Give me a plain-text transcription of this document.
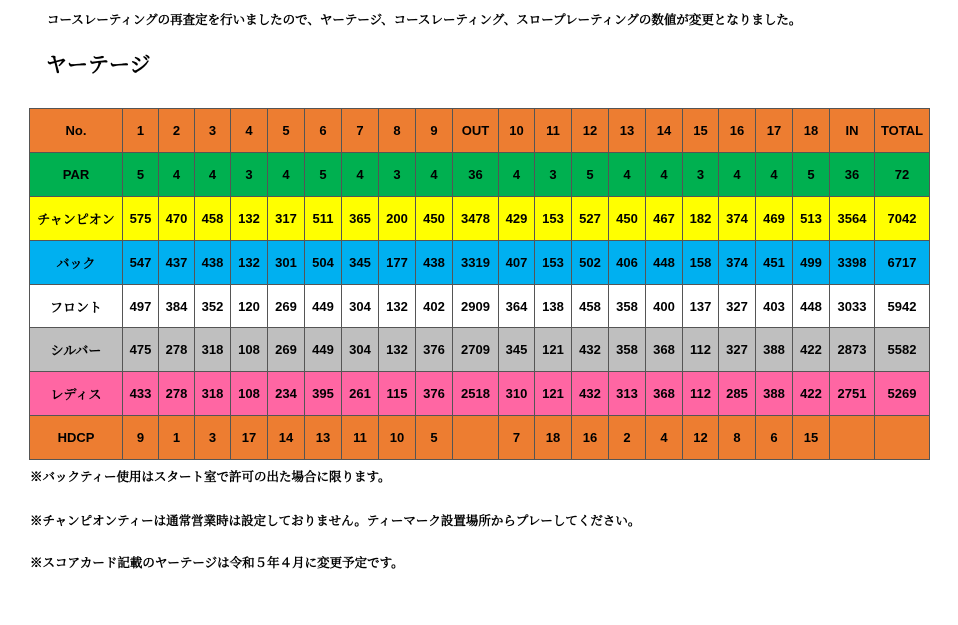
コースレーティングの再査定を行いましたので、ヤーテージ、コースレーティング、スロープレーティングの数値が変更となりました。
ヤーテージ
No.	1	2	3	4	5	6	7	8	9	OUT	10	11	12	13	14	15	16	17	18	IN	TOTAL
PAR	5	4	4	3	4	5	4	3	4	36	4	3	5	4	4	3	4	4	5	36	72
チャンピオン	575	470	458	132	317	511	365	200	450	3478	429	153	527	450	467	182	374	469	513	3564	7042
バック	547	437	438	132	301	504	345	177	438	3319	407	153	502	406	448	158	374	451	499	3398	6717
フロント	497	384	352	120	269	449	304	132	402	2909	364	138	458	358	400	137	327	403	448	3033	5942
シルバー	475	278	318	108	269	449	304	132	376	2709	345	121	432	358	368	112	327	388	422	2873	5582
レディス	433	278	318	108	234	395	261	115	376	2518	310	121	432	313	368	112	285	388	422	2751	5269
HDCP	9	1	3	17	14	13	11	10	5		7	18	16	2	4	12	8	6	15		
※バックティー使用はスタート室で許可の出た場合に限ります。
※チャンピオンティーは通常営業時は設定しておりません。ティーマーク設置場所からプレーしてください。
※スコアカード記載のヤーテージは令和５年４月に変更予定です。
